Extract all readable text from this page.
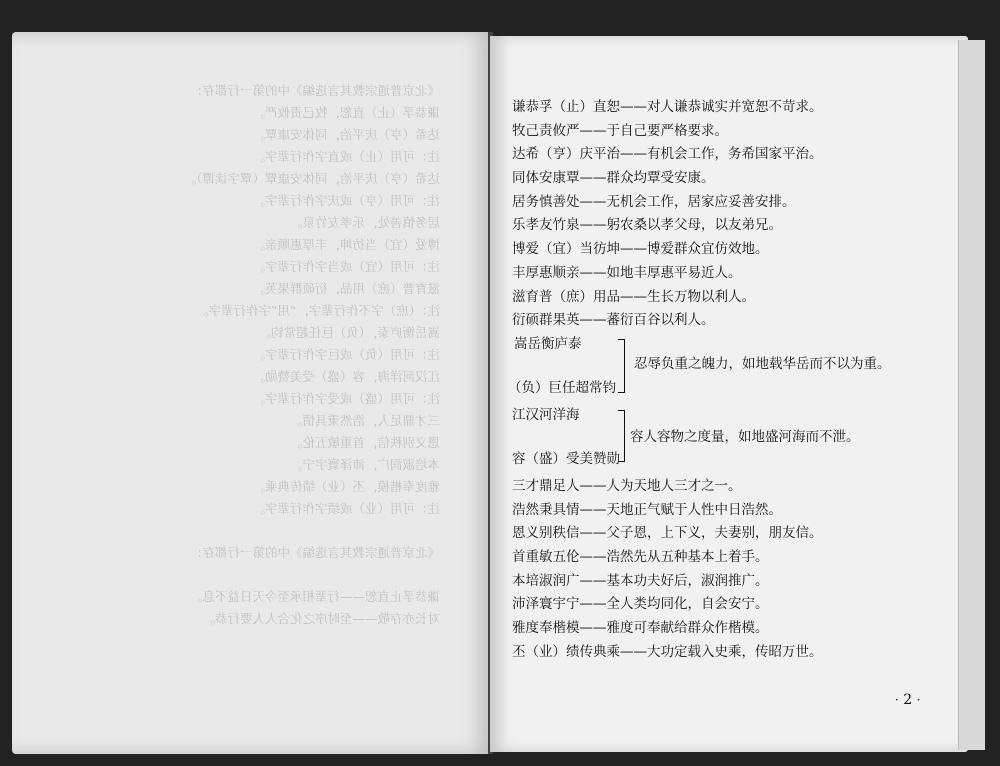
《北京普通宗教其言选编》中的第一行都存：
谦恭孚（止）直恕，牧己责攸严。
达希（亨）庆平治，同体安康覃。
注：可用（止）或直字作行辈字。
达希（亨）庆平治，同体安康覃（覃字读谭）。
注：可用（亨）或庆字作行辈字。
居务慎善处，乐孝友竹泉。
博爱（宜）当彷坤，丰厚惠顺亲。
注：可用（宜）或当字作行辈字。
滋育普（庶）用品，衍硕群果英。
注：（庶）字不作行辈字，“用”字作行辈字。
嵩岳衡庐泰，（负）巨任超常钧。
注：可用（负）或巨字作行辈字。
江汉河洋海，容（盛）受美赞勋。
注：可用（盛）或受字作行辈字。
三才鼎足人，浩然秉具情。
恩义别秩信，首重敏五伦。
本培淑润广，沛泽寰宇宁。
雅度奉楷模，丕（业）绩传典乘。
注：可用（业）或绩字作行辈字。
《北京普通宗教其言选编》中的第一行都存：
谦恭孚止直恕——行辈相承至今天日益不息。
对长亦存敬——至时序之化合人人要行恭。
谦恭孚（止）直恕——对人谦恭诚实并宽恕不苛求。
牧己责攸严——于自己要严格要求。
达希（亨）庆平治——有机会工作，务希国家平治。
同体安康覃——群众均覃受安康。
居务慎善处——无机会工作，居家应妥善安排。
乐孝友竹泉——躬农桑以孝父母，以友弟兄。
博爱（宜）当彷坤——博爱群众宜仿效地。
丰厚惠顺亲——如地丰厚惠平易近人。
滋育普（庶）用品——生长万物以利人。
衍硕群果英——蕃衍百谷以利人。
嵩岳衡庐泰
（负）巨任超常钧
忍辱负重之魄力，如地载华岳而不以为重。
江汉河洋海
容（盛）受美赞勋
容人容物之度量，如地盛河海而不泄。
三才鼎足人——人为天地人三才之一。
浩然秉具情——天地正气赋于人性中日浩然。
恩义别秩信——父子恩，上下义，夫妻别，朋友信。
首重敏五伦——浩然先从五种基本上着手。
本培淑润广——基本功夫好后，淑润推广。
沛泽寰宇宁——全人类均同化，自会安宁。
雅度奉楷模——雅度可奉献给群众作楷模。
丕（业）绩传典乘——大功定载入史乘，传昭万世。
· 2 ·
